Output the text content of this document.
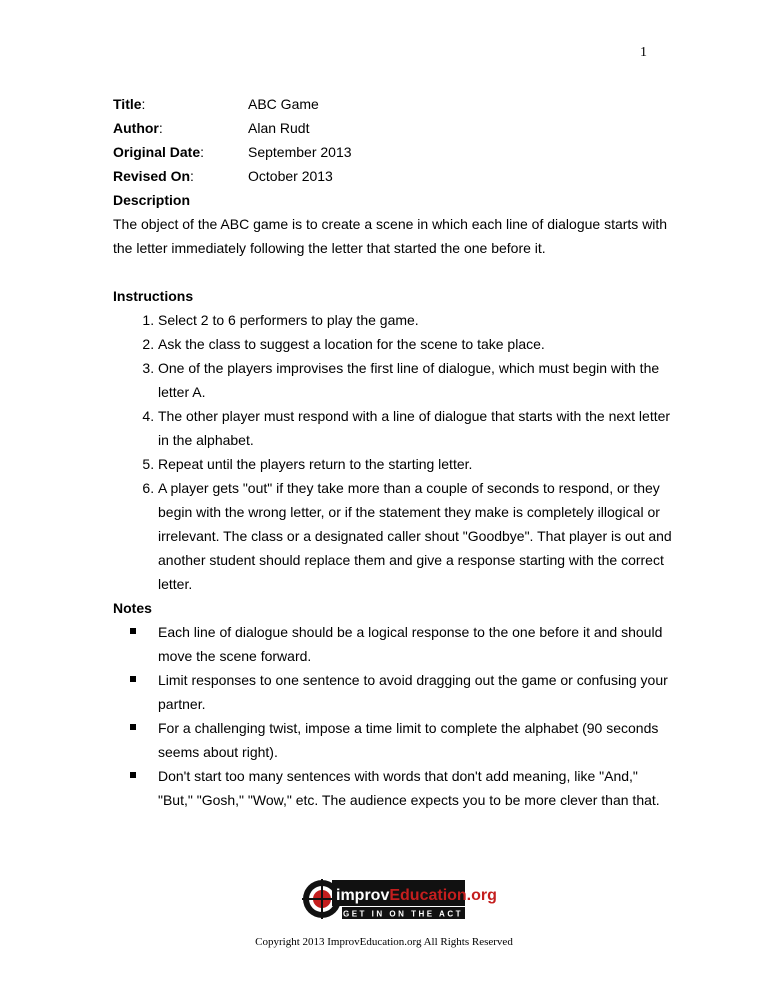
1
Title:	ABC Game
Author:	Alan Rudt
Original Date:	September 2013
Revised On:	October 2013
Description
The object of the ABC game is to create a scene in which each line of dialogue starts with the letter immediately following the letter that started the one before it.
Instructions
1. Select 2 to 6 performers to play the game.
2. Ask the class to suggest a location for the scene to take place.
3. One of the players improvises the first line of dialogue, which must begin with the letter A.
4. The other player must respond with a line of dialogue that starts with the next letter in the alphabet.
5. Repeat until the players return to the starting letter.
6. A player gets "out" if they take more than a couple of seconds to respond, or they begin with the wrong letter, or if the statement they make is completely illogical or irrelevant. The class or a designated caller shout "Goodbye". That player is out and another student should replace them and give a response starting with the correct letter.
Notes
Each line of dialogue should be a logical response to the one before it and should move the scene forward.
Limit responses to one sentence to avoid dragging out the game or confusing your partner.
For a challenging twist, impose a time limit to complete the alphabet (90 seconds seems about right).
Don't start too many sentences with words that don't add meaning, like "And," "But," "Gosh," "Wow," etc. The audience expects you to be more clever than that.
improvEducation.org
GET IN ON THE ACT
Copyright 2013 ImprovEducation.org All Rights Reserved
